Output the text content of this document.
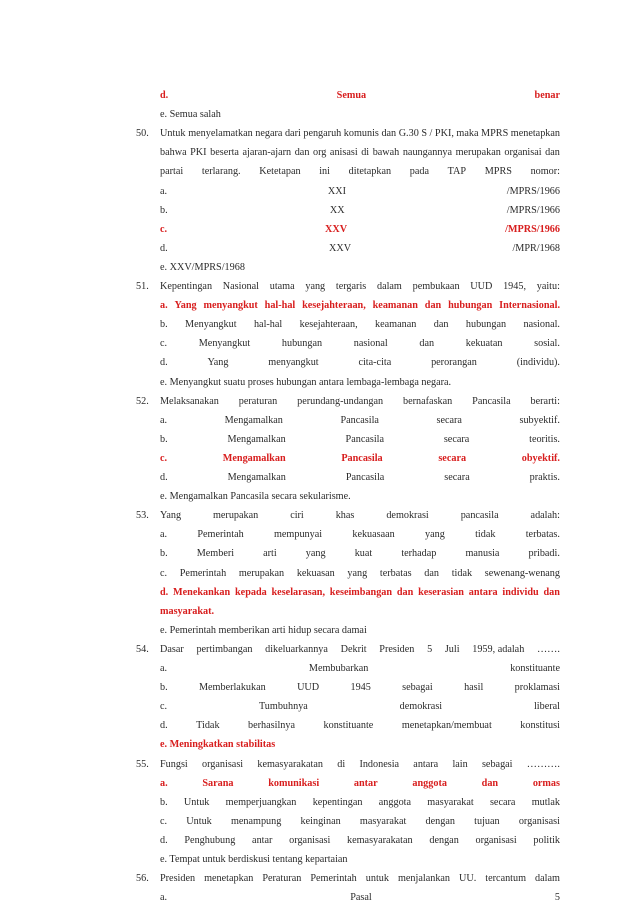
d.	Semua	benar
e. Semua salah
50. Untuk menyelamatkan negara dari pengaruh komunis dan G.30 S / PKI, maka MPRS menetapkan
bahwa PKI beserta ajaran-ajarn dan org anisasi di bawah naungannya merupakan organisai dan
partai terlarang. Ketetapan ini ditetapkan pada TAP MPRS nomor:
a.	XXI	/MPRS/1966
b.	XX	/MPRS/1966
c.	XXV	/MPRS/1966
d.	XXV	/MPR/1968
e. XXV/MPRS/1968
51. Kepentingan Nasional utama yang tergaris dalam pembukaan UUD 1945, yaitu:
a. Yang menyangkut hal-hal kesejahteraan, keamanan dan hubungan Internasional.
b. Menyangkut hal-hal kesejahteraan, keamanan dan hubungan nasional.
c.	Menyangkut	hubungan	nasional	dan	kekuatan	sosial.
d.	Yang	menyangkut	cita-cita	perorangan	(individu).
e. Menyangkut suatu proses hubungan antara lembaga-lembaga negara.
52. Melaksanakan peraturan perundang-undangan bernafaskan Pancasila berarti:
a.	Mengamalkan	Pancasila	secara	subyektif.
b.	Mengamalkan	Pancasila	secara	teoritis.
c.	Mengamalkan	Pancasila	secara	obyektif.
d.	Mengamalkan	Pancasila	secara	praktis.
e. Mengamalkan Pancasila secara sekularisme.
53. Yang	merupakan	ciri	khas	demokrasi	pancasila	adalah:
a.	Pemerintah	mempunyai	kekuasaan	yang	tidak	terbatas.
b.	Memberi	arti	yang	kuat	terhadap	manusia	pribadi.
c. Pemerintah merupakan kekuasan yang terbatas dan tidak sewenang-wenang
d. Menekankan kepada keselarasan, keseimbangan dan keserasian antara individu dan
masyarakat.
e. Pemerintah memberikan arti hidup secara damai
54. Dasar pertimbangan dikeluarkannya Dekrit Presiden 5 Juli 1959, adalah …….
a.	Membubarkan	konstituante
b.	Memberlakukan	UUD	1945	sebagai	hasil	proklamasi
c.	Tumbuhnya	demokrasi	liberal
d.	Tidak	berhasilnya	konstituante	menetapkan/membuat	konstitusi
e. Meningkatkan stabilitas
55. Fungsi organisasi kemasyarakatan di Indonesia antara lain sebagai ……….
a.	Sarana	komunikasi	antar	anggota	dan	ormas
b. Untuk memperjuangkan kepentingan anggota masyarakat secara mutlak
c. Untuk menampung keinginan masyarakat dengan tujuan organisasi
d. Penghubung antar organisasi kemasyarakatan dengan organisasi politik
e. Tempat untuk berdiskusi tentang kepartaian
56. Presiden menetapkan Peraturan Pemerintah untuk menjalankan UU. tercantum dalam
a.	Pasal	5
